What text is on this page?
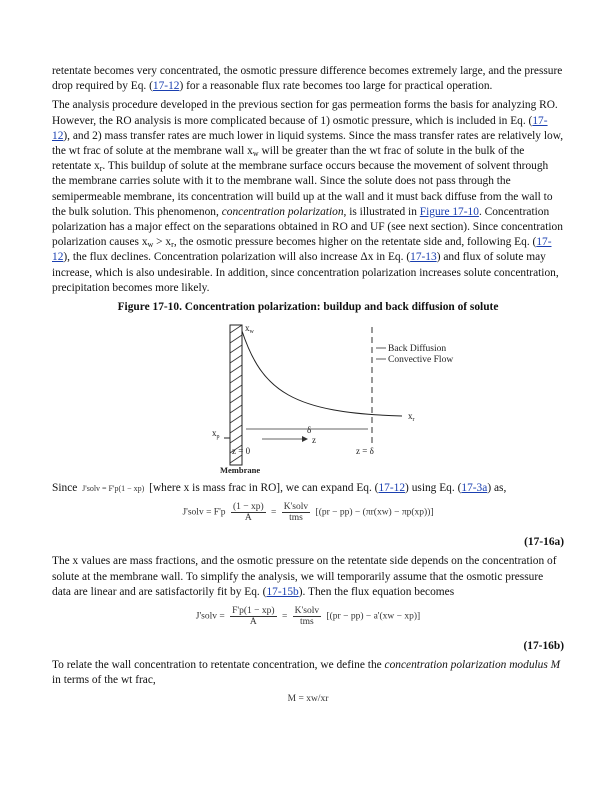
retentate becomes very concentrated, the osmotic pressure difference becomes extremely large, and the pressure drop required by Eq. (17-12) for a reasonable flux rate becomes too large for practical operation.

The analysis procedure developed in the previous section for gas permeation forms the basis for analyzing RO. However, the RO analysis is more complicated because of 1) osmotic pressure, which is included in Eq. (17-12), and 2) mass transfer rates are much lower in liquid systems. Since the mass transfer rates are relatively low, the wt frac of solute at the membrane wall $x_w$ will be greater than the wt frac of solute in the bulk of the retentate $x_r$. This buildup of solute at the membrane surface occurs because the movement of solvent through the membrane carries solute with it to the membrane wall. Since the solute does not pass through the semipermeable membrane, its concentration will build up at the wall and it must back diffuse from the wall to the bulk solution. This phenomenon, concentration polarization, is illustrated in Figure 17-10. Concentration polarization has a major effect on the separations obtained in RO and UF (see next section). Since concentration polarization causes $x_w > x_r$, the osmotic pressure becomes higher on the retentate side and, following Eq. (17-12), the flux declines. Concentration polarization will also increase Δx in Eq. (17-13) and flux of solute may increase, which is also undesirable. In addition, since concentration polarization increases solute concentration, precipitation becomes more likely.

Figure 17-10. Concentration polarization: buildup and back diffusion of solute
$x_w$
Back Diffusion
Convective Flow
$x_r$
$x_p$
δ
z
z = 0	z = δ
Membrane

Since J'solv = F'p(1 − xp) [where x is mass frac in RO], we can expand Eq. (17-12) using Eq. (17-3a) as,

J'solv = $F'p \frac{(1 - xp)}{A} = \frac{\text{K'solv}}{\text{tms}} [(pr - pp) - (\pi r(xw) - \pi p(xp))]$
(17-16a)

The x values are mass fractions, and the osmotic pressure on the retentate side depends on the concentration of solute at the membrane wall. To simplify the analysis, we will temporarily assume that the osmotic pressure data are linear and are satisfactorily fit by Eq. (17-15b). Then the flux equation becomes

J'solv = $\frac{F'p(1 - xp)}{A} = \frac{\text{K'solv}}{\text{tms}} [(pr - pp) - a'(xw - xp)]$
(17-16b)

To relate the wall concentration to retentate concentration, we define the concentration polarization modulus M in terms of the wt frac,

M = xw/xr
